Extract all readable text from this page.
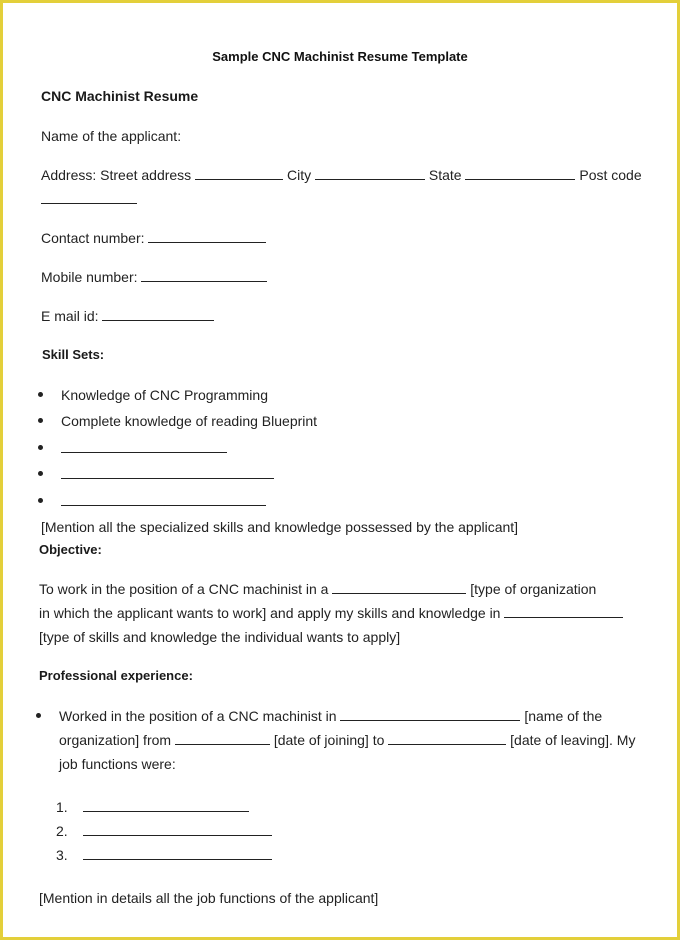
Sample CNC Machinist Resume Template
CNC Machinist Resume
Name of the applicant:
Address: Street address	City	State	Post code
Contact number:
Mobile number:
E mail id:
Skill Sets:
Knowledge of CNC Programming
Complete knowledge of reading Blueprint
[Mention all the specialized skills and knowledge possessed by the applicant]
Objective:
To work in the position of a CNC machinist in a	[type of organization
in which the applicant wants to work] and apply my skills and knowledge in
[type of skills and knowledge the individual wants to apply]
Professional experience:
Worked in the position of a CNC machinist in	[name of the
organization] from	[date of joining] to	[date of leaving]. My
job functions were:
1.
2.
3.
[Mention in details all the job functions of the applicant]
